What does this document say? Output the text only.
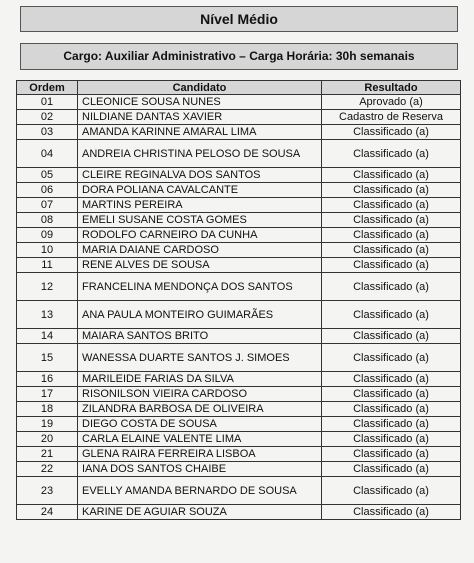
Nível Médio
Cargo: Auxiliar Administrativo – Carga Horária: 30h semanais
Ordem	Candidato	Resultado
01	CLEONICE SOUSA NUNES	Aprovado (a)
02	NILDIANE DANTAS XAVIER	Cadastro de Reserva
03	AMANDA KARINNE AMARAL LIMA	Classificado (a)
04	ANDREIA CHRISTINA PELOSO DE SOUSA	Classificado (a)
05	CLEIRE REGINALVA DOS SANTOS	Classificado (a)
06	DORA POLIANA CAVALCANTE	Classificado (a)
07	MARTINS PEREIRA	Classificado (a)
08	EMELI SUSANE COSTA GOMES	Classificado (a)
09	RODOLFO CARNEIRO DA CUNHA	Classificado (a)
10	MARIA DAIANE CARDOSO	Classificado (a)
11	RENE ALVES DE SOUSA	Classificado (a)
12	FRANCELINA MENDONÇA DOS SANTOS	Classificado (a)
13	ANA PAULA MONTEIRO GUIMARÃES	Classificado (a)
14	MAIARA SANTOS BRITO	Classificado (a)
15	WANESSA DUARTE SANTOS J. SIMOES	Classificado (a)
16	MARILEIDE FARIAS DA SILVA	Classificado (a)
17	RISONILSON VIEIRA CARDOSO	Classificado (a)
18	ZILANDRA BARBOSA DE OLIVEIRA	Classificado (a)
19	DIEGO COSTA DE SOUSA	Classificado (a)
20	CARLA ELAINE VALENTE LIMA	Classificado (a)
21	GLENA RAIRA FERREIRA LISBOA	Classificado (a)
22	IANA DOS SANTOS CHAIBE	Classificado (a)
23	EVELLY AMANDA BERNARDO DE SOUSA	Classificado (a)
24	KARINE DE AGUIAR SOUZA	Classificado (a)
